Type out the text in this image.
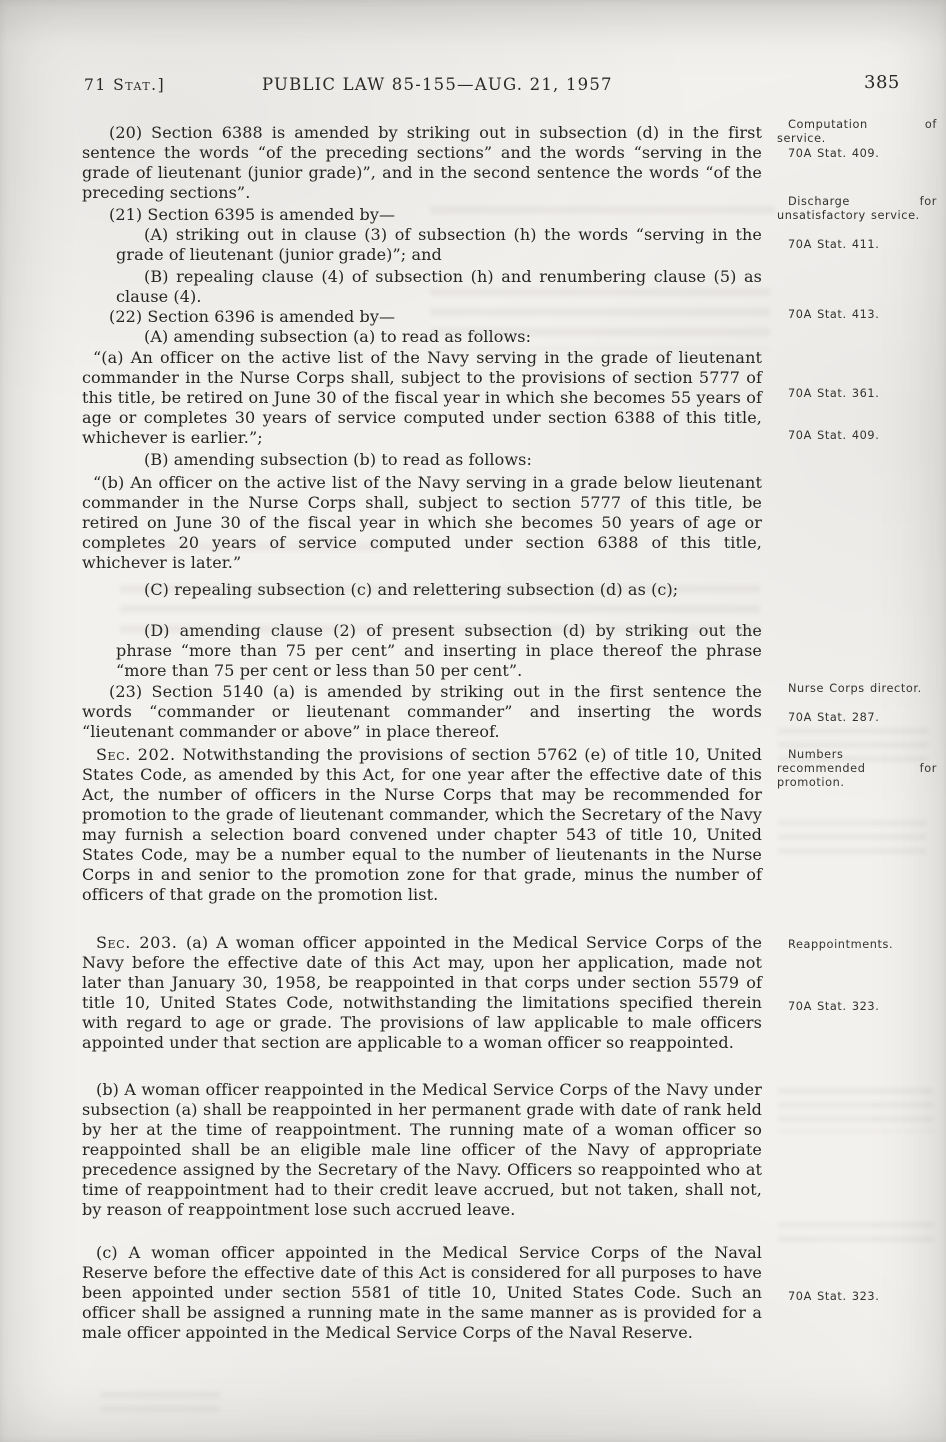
71 Stat.]	PUBLIC LAW 85-155—AUG. 21, 1957	385

(20) Section 6388 is amended by striking out in subsection (d) in the first sentence the words “of the preceding sections” and the words “serving in the grade of lieutenant (junior grade)”, and in the second sentence the words “of the preceding sections”.

(21) Section 6395 is amended by—

(A) striking out in clause (3) of subsection (h) the words “serving in the grade of lieutenant (junior grade)”; and

(B) repealing clause (4) of subsection (h) and renumbering clause (5) as clause (4).

(22) Section 6396 is amended by—

(A) amending subsection (a) to read as follows:

“(a) An officer on the active list of the Navy serving in the grade of lieutenant commander in the Nurse Corps shall, subject to the provisions of section 5777 of this title, be retired on June 30 of the fiscal year in which she becomes 55 years of age or completes 30 years of service computed under section 6388 of this title, whichever is earlier.”;

(B) amending subsection (b) to read as follows:

“(b) An officer on the active list of the Navy serving in a grade below lieutenant commander in the Nurse Corps shall, subject to section 5777 of this title, be retired on June 30 of the fiscal year in which she becomes 50 years of age or completes 20 years of service computed under section 6388 of this title, whichever is later.”

(C) repealing subsection (c) and relettering subsection (d) as (c);

(D) amending clause (2) of present subsection (d) by striking out the phrase “more than 75 per cent” and inserting in place thereof the phrase “more than 75 per cent or less than 50 per cent”.

(23) Section 5140 (a) is amended by striking out in the first sentence the words “commander or lieutenant commander” and inserting the words “lieutenant commander or above” in place thereof.

Sec. 202. Notwithstanding the provisions of section 5762 (e) of title 10, United States Code, as amended by this Act, for one year after the effective date of this Act, the number of officers in the Nurse Corps that may be recommended for promotion to the grade of lieutenant commander, which the Secretary of the Navy may furnish a selection board convened under chapter 543 of title 10, United States Code, may be a number equal to the number of lieutenants in the Nurse Corps in and senior to the promotion zone for that grade, minus the number of officers of that grade on the promotion list.

Sec. 203. (a) A woman officer appointed in the Medical Service Corps of the Navy before the effective date of this Act may, upon her application, made not later than January 30, 1958, be reappointed in that corps under section 5579 of title 10, United States Code, notwithstanding the limitations specified therein with regard to age or grade. The provisions of law applicable to male officers appointed under that section are applicable to a woman officer so reappointed.

(b) A woman officer reappointed in the Medical Service Corps of the Navy under subsection (a) shall be reappointed in her permanent grade with date of rank held by her at the time of reappointment. The running mate of a woman officer so reappointed shall be an eligible male line officer of the Navy of appropriate precedence assigned by the Secretary of the Navy. Officers so reappointed who at time of reappointment had to their credit leave accrued, but not taken, shall not, by reason of reappointment lose such accrued leave.

(c) A woman officer appointed in the Medical Service Corps of the Naval Reserve before the effective date of this Act is considered for all purposes to have been appointed under section 5581 of title 10, United States Code. Such an officer shall be assigned a running mate in the same manner as is provided for a male officer appointed in the Medical Service Corps of the Naval Reserve.

Computation of service.
70A Stat. 409.
Discharge for unsatisfactory service.
70A Stat. 411.
70A Stat. 413.
70A Stat. 361.
70A Stat. 409.
Nurse Corps director.
70A Stat. 287.
Numbers recommended for promotion.
Reappointments.
70A Stat. 323.
70A Stat. 323.
